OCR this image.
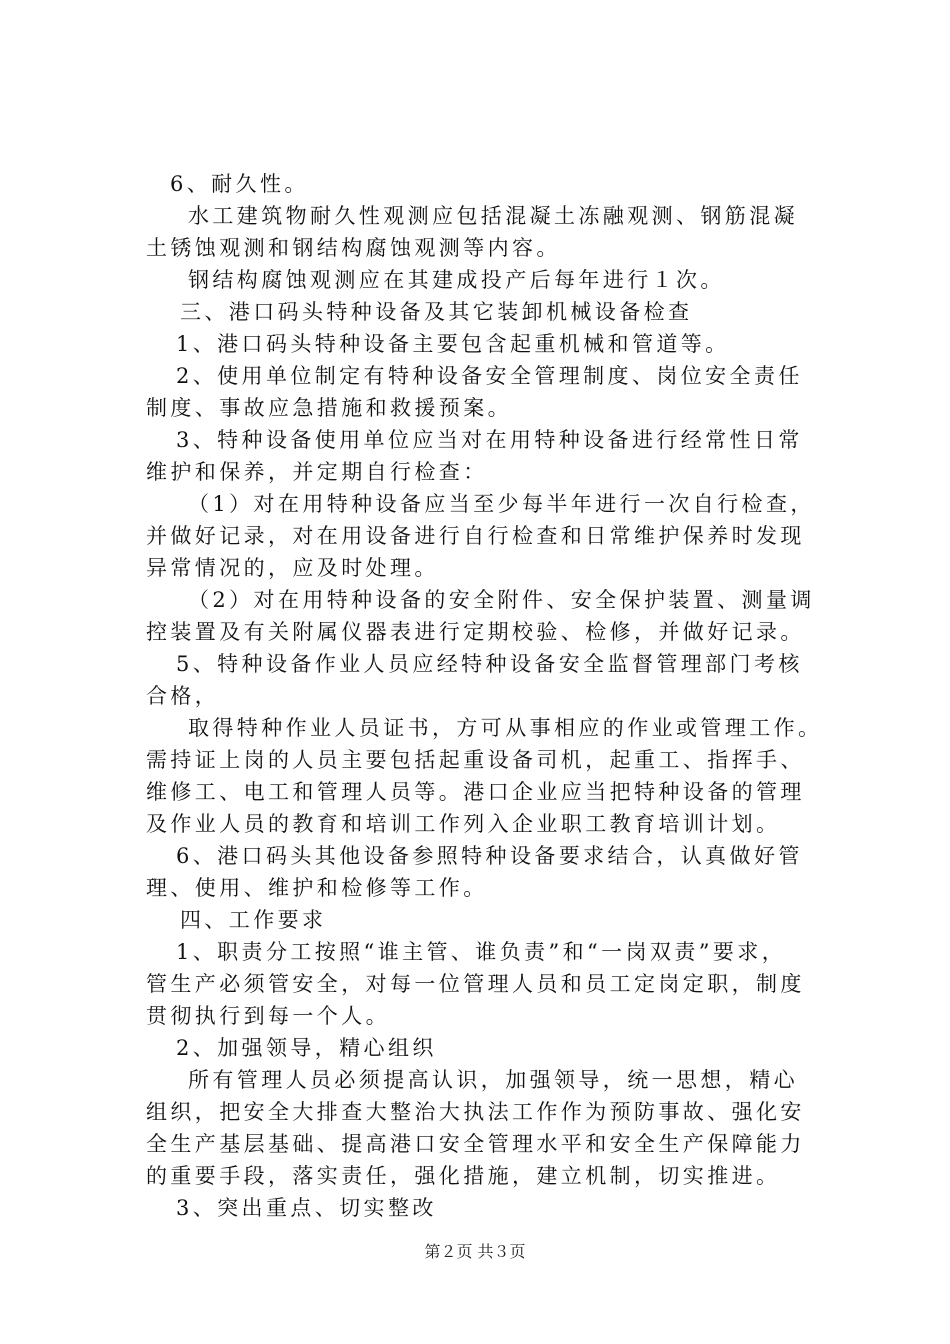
6、耐久性。
水工建筑物耐久性观测应包括混凝土冻融观测、钢筋混凝
土锈蚀观测和钢结构腐蚀观测等内容。
钢结构腐蚀观测应在其建成投产后每年进行１次。
三、港口码头特种设备及其它装卸机械设备检查
1、港口码头特种设备主要包含起重机械和管道等。
2、使用单位制定有特种设备安全管理制度、岗位安全责任
制度、事故应急措施和救援预案。
3、特种设备使用单位应当对在用特种设备进行经常性日常
维护和保养，并定期自行检查：
（1）对在用特种设备应当至少每半年进行一次自行检查，
并做好记录，对在用设备进行自行检查和日常维护保养时发现
异常情况的，应及时处理。
（2）对在用特种设备的安全附件、安全保护装置、测量调
控装置及有关附属仪器表进行定期校验、检修，并做好记录。
5、特种设备作业人员应经特种设备安全监督管理部门考核
合格，
取得特种作业人员证书，方可从事相应的作业或管理工作。
需持证上岗的人员主要包括起重设备司机，起重工、指挥手、
维修工、电工和管理人员等。港口企业应当把特种设备的管理
及作业人员的教育和培训工作列入企业职工教育培训计划。
6、港口码头其他设备参照特种设备要求结合，认真做好管
理、使用、维护和检修等工作。
四、工作要求
1、职责分工按照“谁主管、谁负责”和“一岗双责”要求，
管生产必须管安全，对每一位管理人员和员工定岗定职，制度
贯彻执行到每一个人。
2、加强领导，精心组织
所有管理人员必须提高认识，加强领导，统一思想，精心
组织，把安全大排查大整治大执法工作作为预防事故、强化安
全生产基层基础、提高港口安全管理水平和安全生产保障能力
的重要手段，落实责任，强化措施，建立机制，切实推进。
3、突出重点、切实整改
第２页 共３页
